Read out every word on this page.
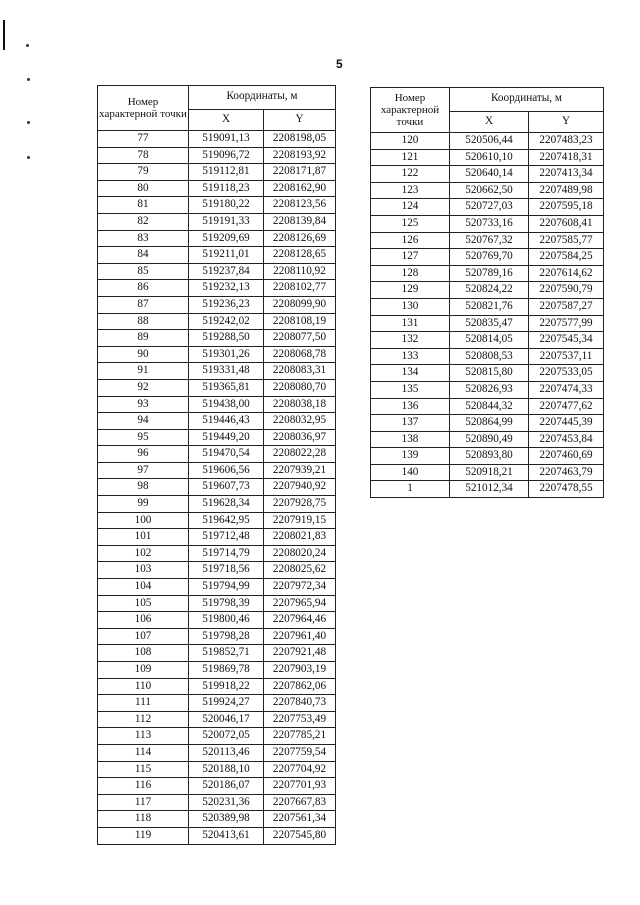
5
Номер характерной точки	Координаты, м	
	X	Y
77	519091,13	2208198,05
78	519096,72	2208193,92
79	519112,81	2208171,87
80	519118,23	2208162,90
81	519180,22	2208123,56
82	519191,33	2208139,84
83	519209,69	2208126,69
84	519211,01	2208128,65
85	519237,84	2208110,92
86	519232,13	2208102,77
87	519236,23	2208099,90
88	519242,02	2208108,19
89	519288,50	2208077,50
90	519301,26	2208068,78
91	519331,48	2208083,31
92	519365,81	2208080,70
93	519438,00	2208038,18
94	519446,43	2208032,95
95	519449,20	2208036,97
96	519470,54	2208022,28
97	519606,56	2207939,21
98	519607,73	2207940,92
99	519628,34	2207928,75
100	519642,95	2207919,15
101	519712,48	2208021,83
102	519714,79	2208020,24
103	519718,56	2208025,62
104	519794,99	2207972,34
105	519798,39	2207965,94
106	519800,46	2207964,46
107	519798,28	2207961,40
108	519852,71	2207921,48
109	519869,78	2207903,19
110	519918,22	2207862,06
111	519924,27	2207840,73
112	520046,17	2207753,49
113	520072,05	2207785,21
114	520113,46	2207759,54
115	520188,10	2207704,92
116	520186,07	2207701,93
117	520231,36	2207667,83
118	520389,98	2207561,34
119	520413,61	2207545,80
Номер характерной точки	Координаты, м	
	X	Y
120	520506,44	2207483,23
121	520610,10	2207418,31
122	520640,14	2207413,34
123	520662,50	2207489,98
124	520727,03	2207595,18
125	520733,16	2207608,41
126	520767,32	2207585,77
127	520769,70	2207584,25
128	520789,16	2207614,62
129	520824,22	2207590,79
130	520821,76	2207587,27
131	520835,47	2207577,99
132	520814,05	2207545,34
133	520808,53	2207537,11
134	520815,80	2207533,05
135	520826,93	2207474,33
136	520844,32	2207477,62
137	520864,99	2207445,39
138	520890,49	2207453,84
139	520893,80	2207460,69
140	520918,21	2207463,79
1	521012,34	2207478,55
